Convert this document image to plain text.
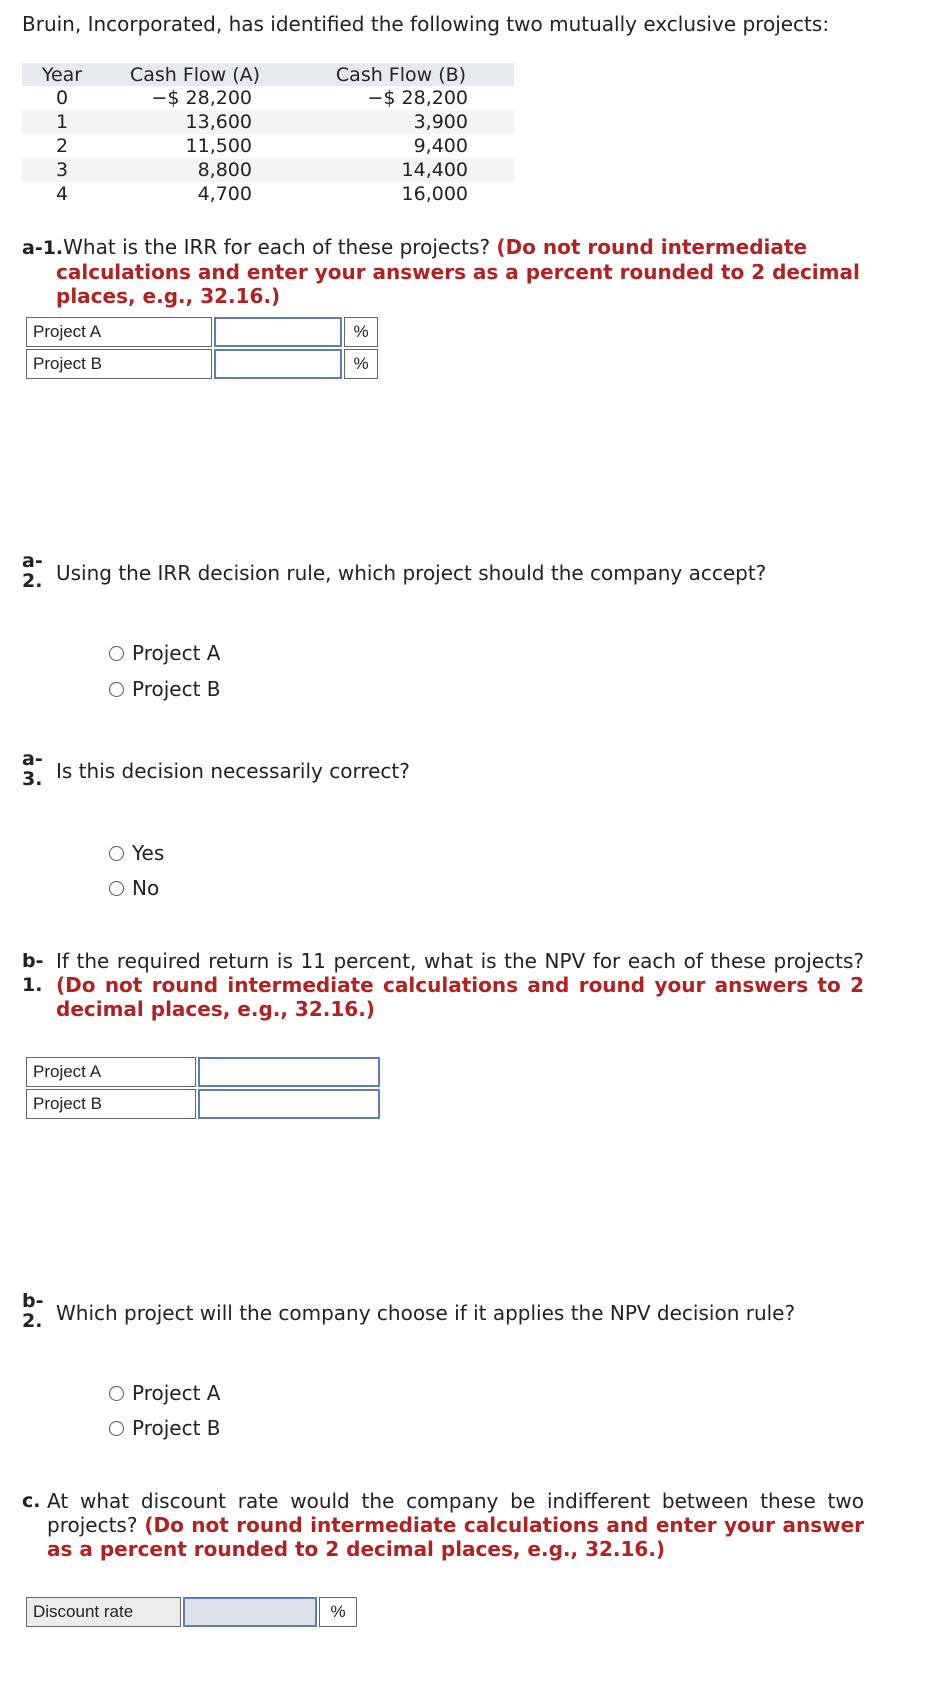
Bruin, Incorporated, has identified the following two mutually exclusive projects:
Year	Cash Flow (A)	Cash Flow (B)
0	−$ 28,200	−$ 28,200
1	13,600	3,900
2	11,500	9,400
3	8,800	14,400
4	4,700	16,000
a-1.What is the IRR for each of these projects? (Do not round intermediate calculations and enter your answers as a percent rounded to 2 decimal places, e.g., 32.16.)
Project A	%
Project B	%
a-
2. Using the IRR decision rule, which project should the company accept?
Project A
Project B
a-
3. Is this decision necessarily correct?
Yes
No
b-
1.
If the required return is 11 percent, what is the NPV for each of these projects? (Do not round intermediate calculations and round your answers to 2 decimal places, e.g., 32.16.)
Project A
Project B
b-
2. Which project will the company choose if it applies the NPV decision rule?
Project A
Project B
c. At what discount rate would the company be indifferent between these two projects? (Do not round intermediate calculations and enter your answer as a percent rounded to 2 decimal places, e.g., 32.16.)
Discount rate	%
